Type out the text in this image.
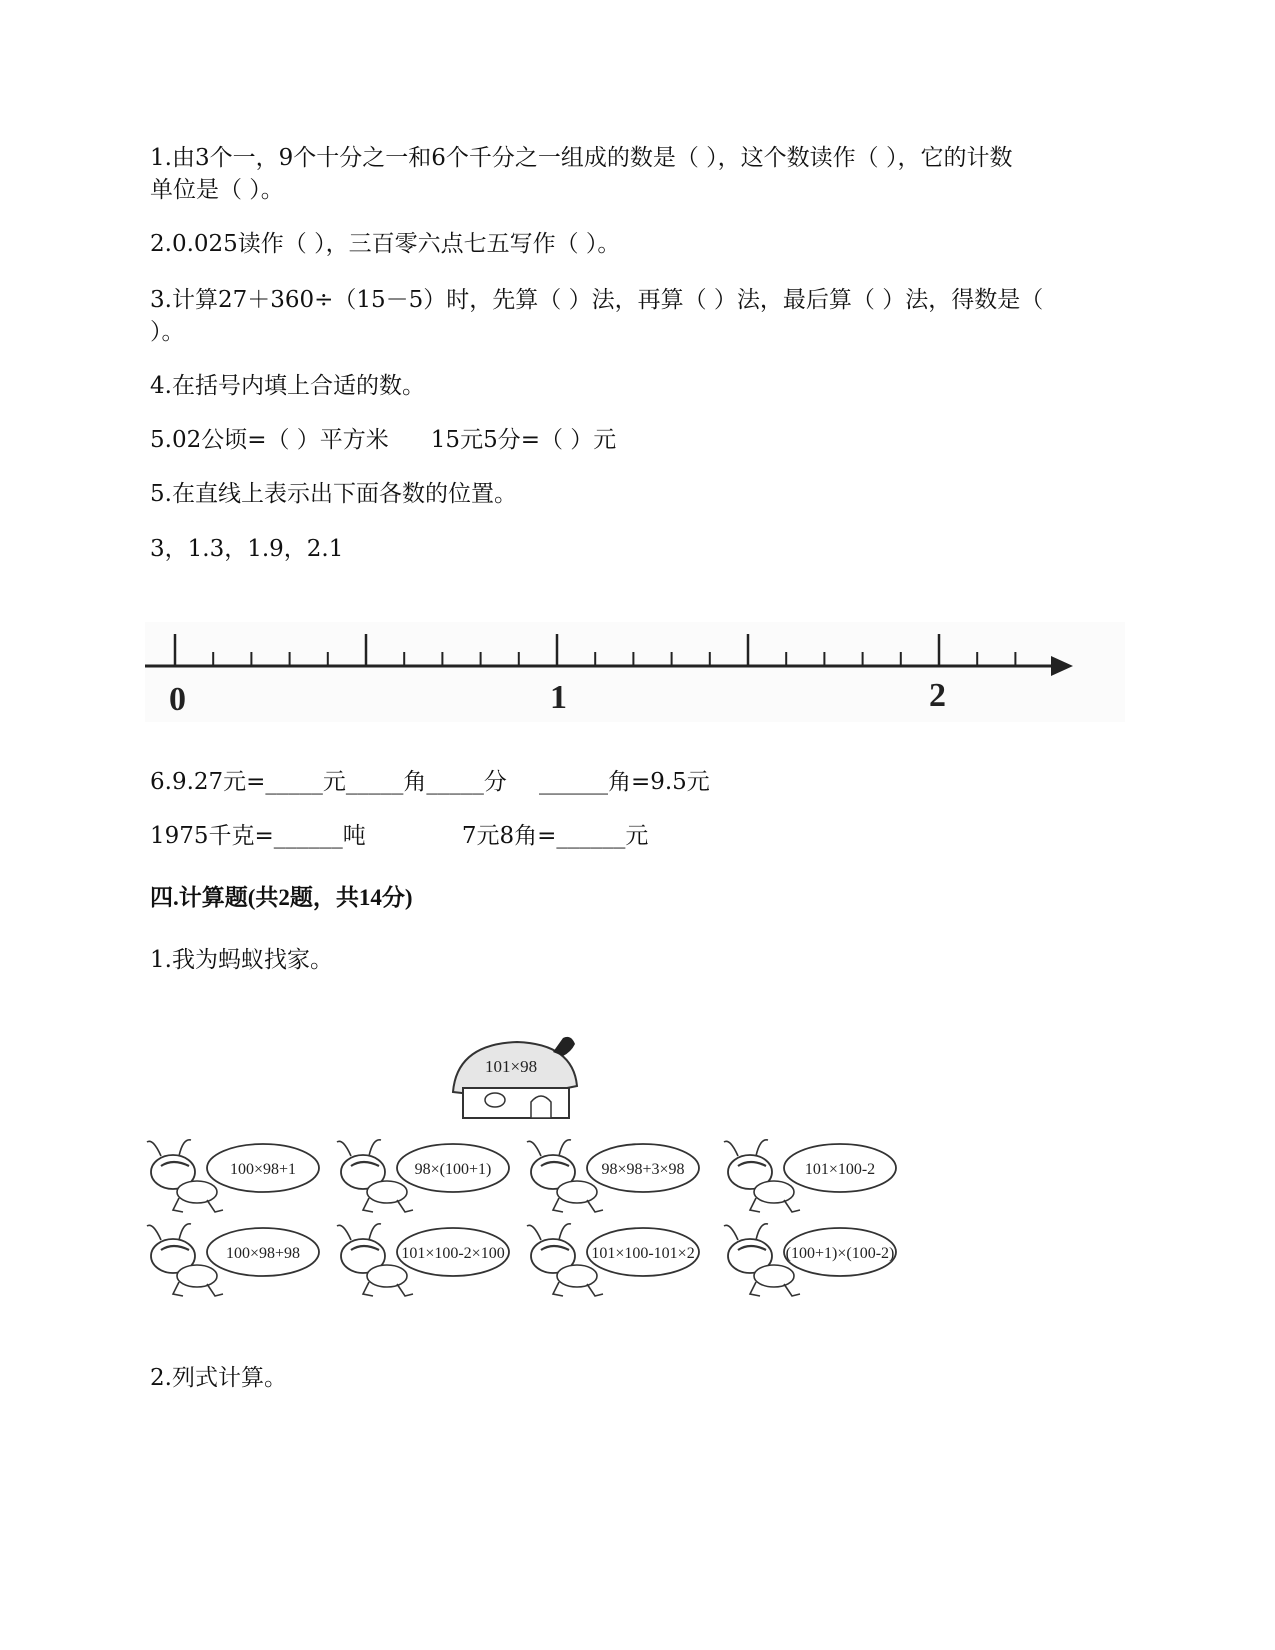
1.由3个一，9个十分之一和6个千分之一组成的数是（ ），这个数读作（ ），它的计数
单位是（ ）。
2.0.025读作（ ），三百零六点七五写作（ ）。
3.计算27＋360÷（15－5）时，先算（ ）法，再算（ ）法，最后算（ ）法，得数是（
）。
4.在括号内填上合适的数。
5.02公顷=（ ）平方米 15元5分=（ ）元
5.在直线上表示出下面各数的位置。
3，1.3，1.9，2.1
0	1	2
6.9.27元=_____元_____角_____分 ______角=9.5元
1975千克=______吨	7元8角=______元
四.计算题(共2题，共14分)
1.我为蚂蚁找家。
101×98
100×98+1	98×(100+1)	98×98+3×98	101×100-2
100×98+98	101×100-2×100	101×100-101×2	(100+1)×(100-2)
2.列式计算。
